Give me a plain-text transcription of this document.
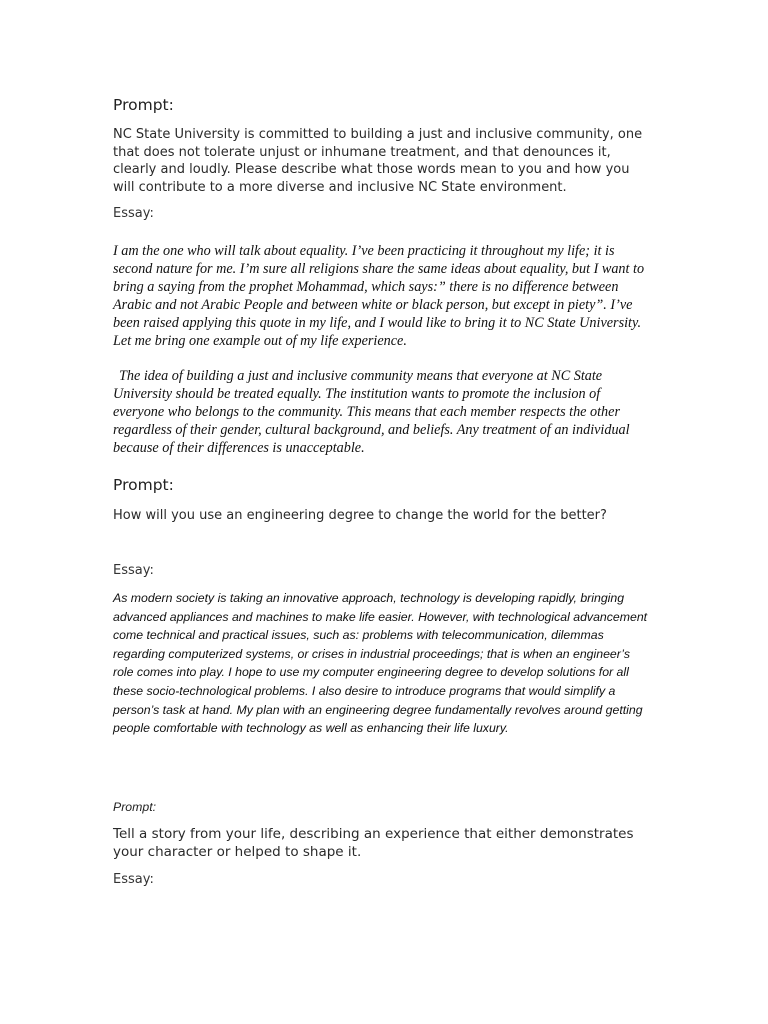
Prompt:
NC State University is committed to building a just and inclusive community, one that does not tolerate unjust or inhumane treatment, and that denounces it, clearly and loudly. Please describe what those words mean to you and how you will contribute to a more diverse and inclusive NC State environment.
Essay:
I am the one who will talk about equality. I’ve been practicing it throughout my life; it is second nature for me. I’m sure all religions share the same ideas about equality, but I want to bring a saying from the prophet Mohammad, which says:” there is no difference between Arabic and not Arabic People and between white or black person, but except in piety”. I’ve been raised applying this quote in my life, and I would like to bring it to NC State University. Let me bring one example out of my life experience.
The idea of building a just and inclusive community means that everyone at NC State University should be treated equally. The institution wants to promote the inclusion of everyone who belongs to the community. This means that each member respects the other regardless of their gender, cultural background, and beliefs. Any treatment of an individual because of their differences is unacceptable.
Prompt:
How will you use an engineering degree to change the world for the better?
Essay:
As modern society is taking an innovative approach, technology is developing rapidly, bringing advanced appliances and machines to make life easier. However, with technological advancement come technical and practical issues, such as: problems with telecommunication, dilemmas regarding computerized systems, or crises in industrial proceedings; that is when an engineer’s role comes into play. I hope to use my computer engineering degree to develop solutions for all these socio-technological problems. I also desire to introduce programs that would simplify a person’s task at hand. My plan with an engineering degree fundamentally revolves around getting people comfortable with technology as well as enhancing their life luxury.
Prompt:
Tell a story from your life, describing an experience that either demonstrates your character or helped to shape it.
Essay:
